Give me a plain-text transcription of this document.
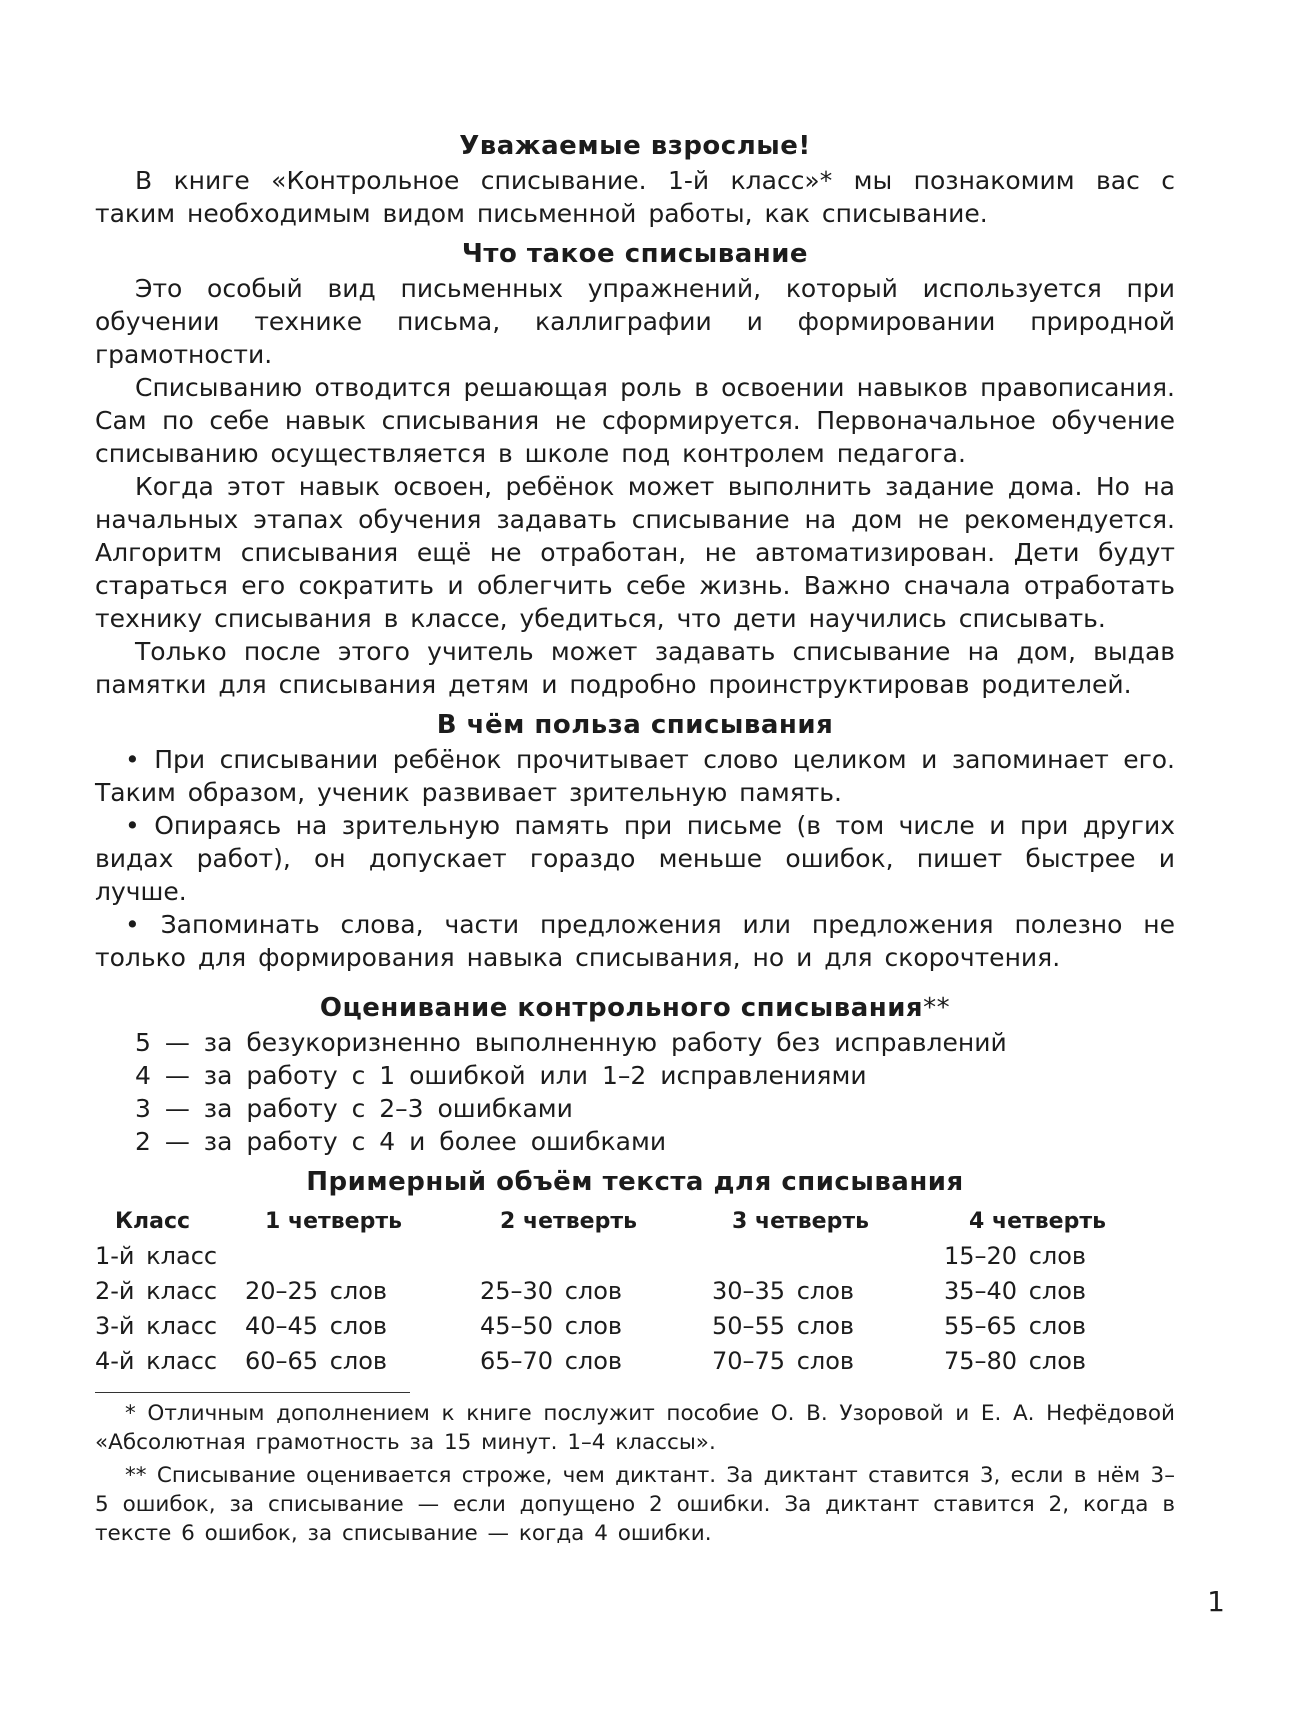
Уважаемые взрослые!

В книге «Контрольное списывание. 1-й класс»* мы познакомим вас с таким необходимым видом письменной работы, как списывание.

Что такое списывание

Это особый вид письменных упражнений, который используется при обучении технике письма, каллиграфии и формировании природной грамотности.

Списыванию отводится решающая роль в освоении навыков правописания. Сам по себе навык списывания не сформируется. Первоначальное обучение списыванию осуществляется в школе под контролем педагога.

Когда этот навык освоен, ребёнок может выполнить задание дома. Но на начальных этапах обучения задавать списывание на дом не рекомендуется. Алгоритм списывания ещё не отработан, не автоматизирован. Дети будут стараться его сократить и облегчить себе жизнь. Важно сначала отработать технику списывания в классе, убедиться, что дети научились списывать.

Только после этого учитель может задавать списывание на дом, выдав памятки для списывания детям и подробно проинструктировав родителей.

В чём польза списывания

• При списывании ребёнок прочитывает слово целиком и запоминает его. Таким образом, ученик развивает зрительную память.

• Опираясь на зрительную память при письме (в том числе и при других видах работ), он допускает гораздо меньше ошибок, пишет быстрее и лучше.

• Запоминать слова, части предложения или предложения полезно не только для формирования навыка списывания, но и для скорочтения.

Оценивание контрольного списывания**
5 — за безукоризненно выполненную работу без исправлений
4 — за работу с 1 ошибкой или 1–2 исправлениями
3 — за работу с 2–3 ошибками
2 — за работу с 4 и более ошибками
Примерный объём текста для списывания
Класс	1 четверть	2 четверть	3 четверть	4 четверть
1-й класс				15–20 слов
2-й класс	20–25 слов	25–30 слов	30–35 слов	35–40 слов
3-й класс	40–45 слов	45–50 слов	50–55 слов	55–65 слов
4-й класс	60–65 слов	65–70 слов	70–75 слов	75–80 слов

* Отличным дополнением к книге послужит пособие О. В. Узоровой и Е. А. Нефёдовой «Абсолютная грамотность за 15 минут. 1–4 классы».

** Списывание оценивается строже, чем диктант. За диктант ставится 3, если в нём 3–5 ошибок, за списывание — если допущено 2 ошибки. За диктант ставится 2, когда в тексте 6 ошибок, за списывание — когда 4 ошибки.

1
